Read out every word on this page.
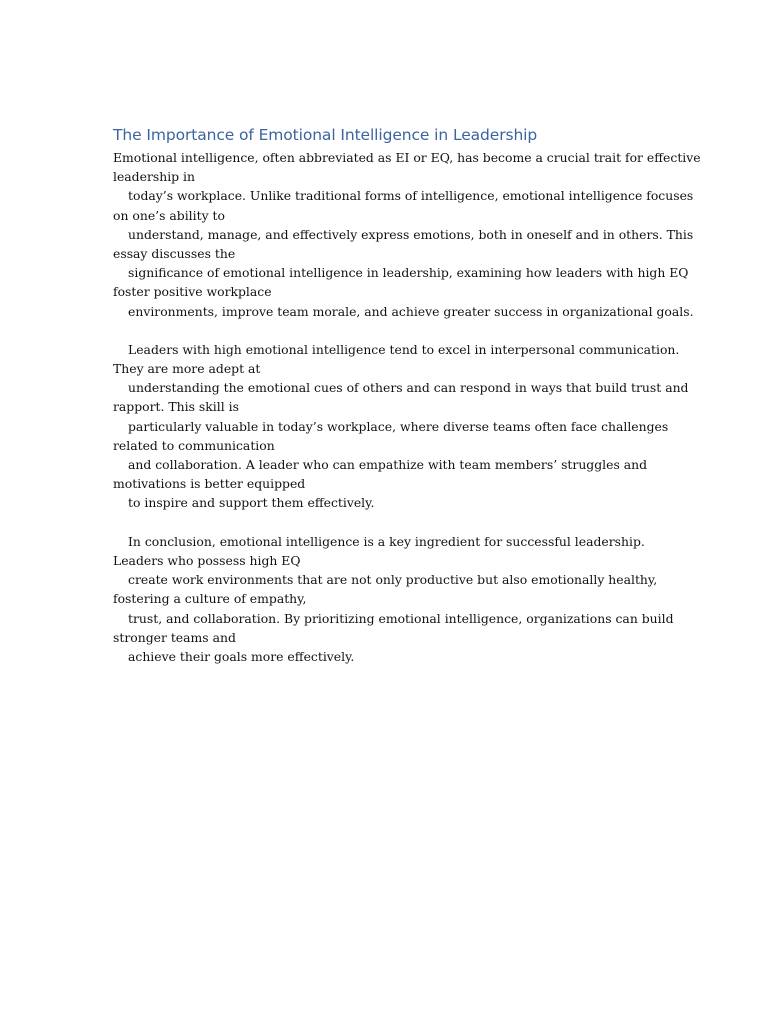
The Importance of Emotional Intelligence in Leadership

Emotional intelligence, often abbreviated as EI or EQ, has become a crucial trait for effective
leadership in
today’s workplace. Unlike traditional forms of intelligence, emotional intelligence focuses
on one’s ability to
understand, manage, and effectively express emotions, both in oneself and in others. This
essay discusses the
significance of emotional intelligence in leadership, examining how leaders with high EQ
foster positive workplace
environments, improve team morale, and achieve greater success in organizational goals.

Leaders with high emotional intelligence tend to excel in interpersonal communication.
They are more adept at
understanding the emotional cues of others and can respond in ways that build trust and
rapport. This skill is
particularly valuable in today’s workplace, where diverse teams often face challenges
related to communication
and collaboration. A leader who can empathize with team members’ struggles and
motivations is better equipped
to inspire and support them effectively.

In conclusion, emotional intelligence is a key ingredient for successful leadership.
Leaders who possess high EQ
create work environments that are not only productive but also emotionally healthy,
fostering a culture of empathy,
trust, and collaboration. By prioritizing emotional intelligence, organizations can build
stronger teams and
achieve their goals more effectively.
